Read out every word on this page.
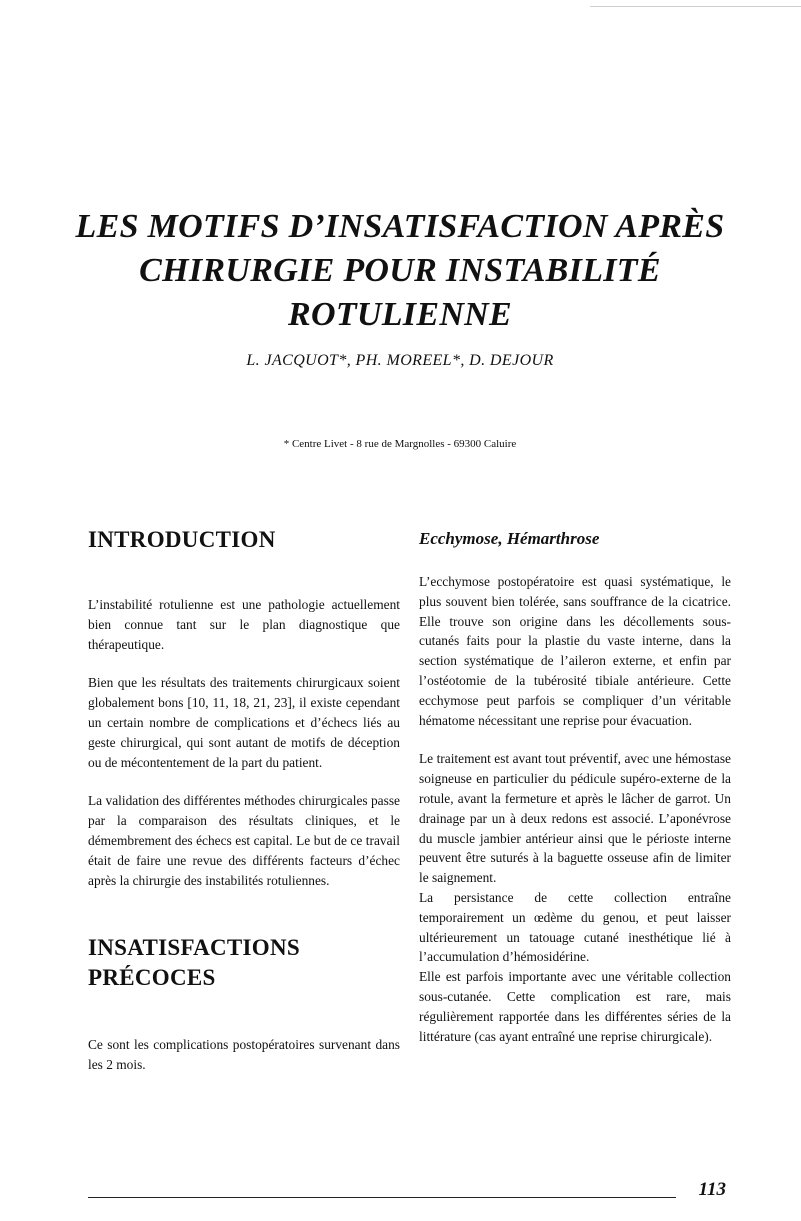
LES MOTIFS D’INSATISFACTION APRÈS
CHIRURGIE POUR INSTABILITÉ
ROTULIENNE

L. JACQUOT*, PH. MOREEL*, D. DEJOUR

* Centre Livet - 8 rue de Margnolles - 69300 Caluire

INTRODUCTION

L’instabilité rotulienne est une pathologie actuellement bien connue tant sur le plan diagnostique que thérapeutique.

Bien que les résultats des traitements chirurgicaux soient globalement bons [10, 11, 18, 21, 23], il existe cependant un certain nombre de complications et d’échecs liés au geste chirurgical, qui sont autant de motifs de déception ou de mécontentement de la part du patient.

La validation des différentes méthodes chirurgicales passe par la comparaison des résultats cliniques, et le démembrement des échecs est capital. Le but de ce travail était de faire une revue des différents facteurs d’échec après la chirurgie des instabilités rotuliennes.

INSATISFACTIONS
PRÉCOCES

Ce sont les complications postopératoires survenant dans les 2 mois.

Ecchymose, Hémarthrose

L’ecchymose postopératoire est quasi systématique, le plus souvent bien tolérée, sans souffrance de la cicatrice. Elle trouve son origine dans les décollements sous-cutanés faits pour la plastie du vaste interne, dans la section systématique de l’aileron externe, et enfin par l’ostéotomie de la tubérosité tibiale antérieure. Cette ecchymose peut parfois se compliquer d’un véritable hématome nécessitant une reprise pour évacuation.

Le traitement est avant tout préventif, avec une hémostase soigneuse en particulier du pédicule supéro-externe de la rotule, avant la fermeture et après le lâcher de garrot. Un drainage par un à deux redons est associé. L’aponévrose du muscle jambier antérieur ainsi que le périoste interne peuvent être suturés à la baguette osseuse afin de limiter le saignement.

La persistance de cette collection entraîne temporairement un œdème du genou, et peut laisser ultérieurement un tatouage cutané inesthétique lié à l’accumulation d’hémosidérine.

Elle est parfois importante avec une véritable collection sous-cutanée. Cette complication est rare, mais régulièrement rapportée dans les différentes séries de la littérature (cas ayant entraîné une reprise chirurgicale).

113
